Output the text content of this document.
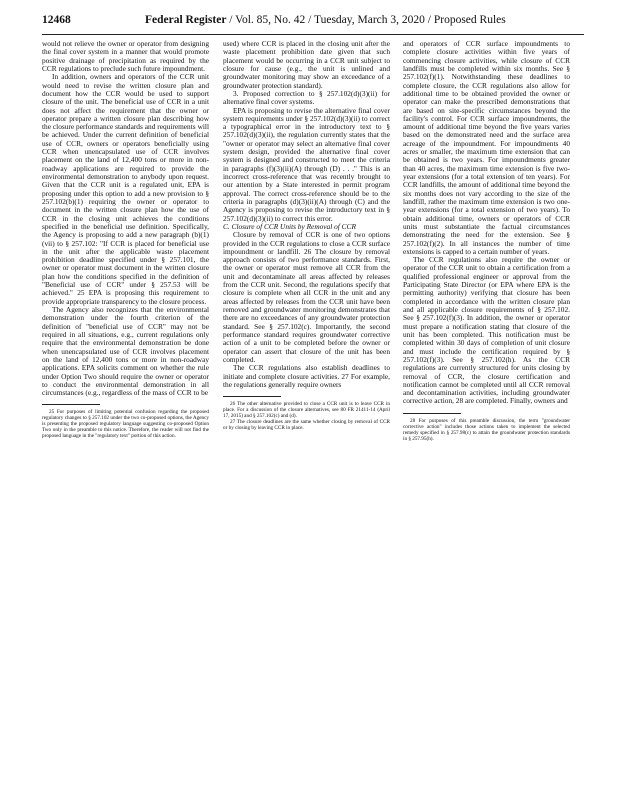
12468	Federal Register / Vol. 85, No. 42 / Tuesday, March 3, 2020 / Proposed Rules

would not relieve the owner or operator from designing the final cover system in a manner that would promote positive drainage of precipitation as required by the CCR regulations to preclude such future impoundment.

In addition, owners and operators of the CCR unit would need to revise the written closure plan and document how the CCR would be used to support closure of the unit. The beneficial use of CCR in a unit does not affect the requirement that the owner or operator prepare a written closure plan describing how the closure performance standards and requirements will be achieved. Under the current definition of beneficial use of CCR, owners or operators beneficially using CCR when unencapsulated use of CCR involves placement on the land of 12,400 tons or more in non-roadway applications are required to provide the environmental demonstration to anybody upon request. Given that the CCR unit is a regulated unit, EPA is proposing under this option to add a new provision to § 257.102(b)(1) requiring the owner or operator to document in the written closure plan how the use of CCR in the closing unit achieves the conditions specified in the beneficial use definition. Specifically, the Agency is proposing to add a new paragraph (b)(1)(vii) to § 257.102: "If CCR is placed for beneficial use in the unit after the applicable waste placement prohibition deadline specified under § 257.101, the owner or operator must document in the written closure plan how the conditions specified in the definition of "Beneficial use of CCR" under § 257.53 will be achieved." 25 EPA is proposing this requirement to provide appropriate transparency to the closure process.

The Agency also recognizes that the environmental demonstration under the fourth criterion of the definition of "beneficial use of CCR" may not be required in all situations, e.g., current regulations only require that the environmental demonstration be done when unencapsulated use of CCR involves placement on the land of 12,400 tons or more in non-roadway applications. EPA solicits comment on whether the rule under Option Two should require the owner or operator to conduct the environmental demonstration in all circumstances (e.g., regardless of the mass of CCR to be

25 For purposes of limiting potential confusion regarding the proposed regulatory changes to § 257.102 under the two co-proposed options, the Agency is presenting the proposed regulatory language suggesting co-proposed Option Two only in the preamble to this notice. Therefore, the reader will not find the proposed language in the "regulatory text" portion of this action.

used) where CCR is placed in the closing unit after the waste placement prohibition date given that such placement would be occurring in a CCR unit subject to closure for cause (e.g., the unit is unlined and groundwater monitoring may show an exceedance of a groundwater protection standard).

3. Proposed correction to § 257.102(d)(3)(ii) for alternative final cover systems.

EPA is proposing to revise the alternative final cover system requirements under § 257.102(d)(3)(ii) to correct a typographical error in the introductory text to § 257.102(d)(3)(ii), the regulation currently states that the "owner or operator may select an alternative final cover system design, provided the alternative final cover system is designed and constructed to meet the criteria in paragraphs (f)(3)(ii)(A) through (D) . . ." This is an incorrect cross-reference that was recently brought to our attention by a State interested in permit program approval. The correct cross-reference should be to the criteria in paragraphs (d)(3)(ii)(A) through (C) and the Agency is proposing to revise the introductory text in § 257.102(d)(3)(ii) to correct this error.

C. Closure of CCR Units by Removal of CCR

Closure by removal of CCR is one of two options provided in the CCR regulations to close a CCR surface impoundment or landfill. 26 The closure by removal approach consists of two performance standards. First, the owner or operator must remove all CCR from the unit and decontaminate all areas affected by releases from the CCR unit. Second, the regulations specify that closure is complete when all CCR in the unit and any areas affected by releases from the CCR unit have been removed and groundwater monitoring demonstrates that there are no exceedances of any groundwater protection standard. See § 257.102(c). Importantly, the second performance standard requires groundwater corrective action of a unit to be completed before the owner or operator can assert that closure of the unit has been completed.

The CCR regulations also establish deadlines to initiate and complete closure activities. 27 For example, the regulations generally require owners

26 The other alternative provided to close a CCR unit is to leave CCR in place. For a discussion of the closure alternatives, see 80 FR 21411-14 (April 17, 2015) and § 257.102(c) and (d).

27 The closure deadlines are the same whether closing by removal of CCR or by closing by leaving CCR in place.

and operators of CCR surface impoundments to complete closure activities within five years of commencing closure activities, while closure of CCR landfills must be completed within six months. See § 257.102(f)(1). Notwithstanding these deadlines to complete closure, the CCR regulations also allow for additional time to be obtained provided the owner or operator can make the prescribed demonstrations that are based on site-specific circumstances beyond the facility's control. For CCR surface impoundments, the amount of additional time beyond the five years varies based on the demonstrated need and the surface area acreage of the impoundment. For impoundments 40 acres or smaller, the maximum time extension that can be obtained is two years. For impoundments greater than 40 acres, the maximum time extension is five two-year extensions (for a total extension of ten years). For CCR landfills, the amount of additional time beyond the six months does not vary according to the size of the landfill, rather the maximum time extension is two one-year extensions (for a total extension of two years). To obtain additional time, owners or operators of CCR units must substantiate the factual circumstances demonstrating the need for the extension. See § 257.102(f)(2). In all instances the number of time extensions is capped to a certain number of years.

The CCR regulations also require the owner or operator of the CCR unit to obtain a certification from a qualified professional engineer or approval from the Participating State Director (or EPA where EPA is the permitting authority) verifying that closure has been completed in accordance with the written closure plan and all applicable closure requirements of § 257.102. See § 257.102(f)(3). In addition, the owner or operator must prepare a notification stating that closure of the unit has been completed. This notification must be completed within 30 days of completion of unit closure and must include the certification required by § 257.102(f)(3). See § 257.102(h). As the CCR regulations are currently structured for units closing by removal of CCR, the closure certification and notification cannot be completed until all CCR removal and decontamination activities, including groundwater corrective action, 28 are completed. Finally, owners and

28 For purposes of this preamble discussion, the term "groundwater corrective action" includes those actions taken to implement the selected remedy specified in § 257.98(c) to attain the groundwater protection standards in § 257.95(h).
